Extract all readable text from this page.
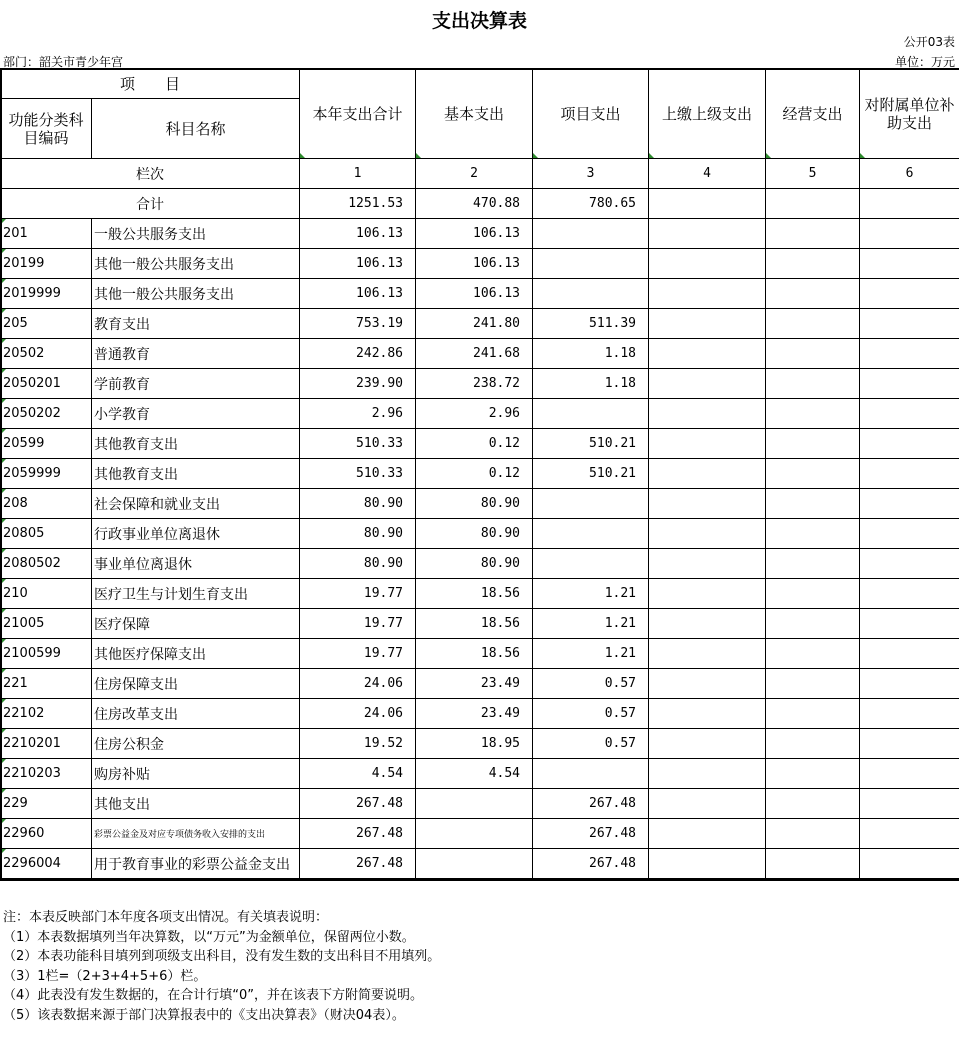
支出决算表
公开03表
部门：韶关市青少年宫	单位：万元
项　　目		本年支出合计	基本支出	项目支出	上缴上级支出	经营支出	对附属单位补助支出
功能分类科目编码	科目名称						
栏次		1	2	3	4	5	6
合计		1251.53	470.88	780.65			
201	一般公共服务支出	106.13	106.13				
20199	其他一般公共服务支出	106.13	106.13				
2019999	其他一般公共服务支出	106.13	106.13				
205	教育支出	753.19	241.80	511.39			
20502	普通教育	242.86	241.68	1.18			
2050201	学前教育	239.90	238.72	1.18			
2050202	小学教育	2.96	2.96				
20599	其他教育支出	510.33	0.12	510.21			
2059999	其他教育支出	510.33	0.12	510.21			
208	社会保障和就业支出	80.90	80.90				
20805	行政事业单位离退休	80.90	80.90				
2080502	事业单位离退休	80.90	80.90				
210	医疗卫生与计划生育支出	19.77	18.56	1.21			
21005	医疗保障	19.77	18.56	1.21			
2100599	其他医疗保障支出	19.77	18.56	1.21			
221	住房保障支出	24.06	23.49	0.57			
22102	住房改革支出	24.06	23.49	0.57			
2210201	住房公积金	19.52	18.95	0.57			
2210203	购房补贴	4.54	4.54				
229	其他支出	267.48		267.48			
22960	彩票公益金及对应专项债务收入安排的支出	267.48		267.48			
2296004	用于教育事业的彩票公益金支出	267.48		267.48			
注：本表反映部门本年度各项支出情况。有关填表说明：
（1）本表数据填列当年决算数，以“万元”为金额单位，保留两位小数。
（2）本表功能科目填列到项级支出科目，没有发生数的支出科目不用填列。
（3）1栏=（2+3+4+5+6）栏。
（4）此表没有发生数据的，在合计行填“0”，并在该表下方附简要说明。
（5）该表数据来源于部门决算报表中的《支出决算表》（财决04表）。
